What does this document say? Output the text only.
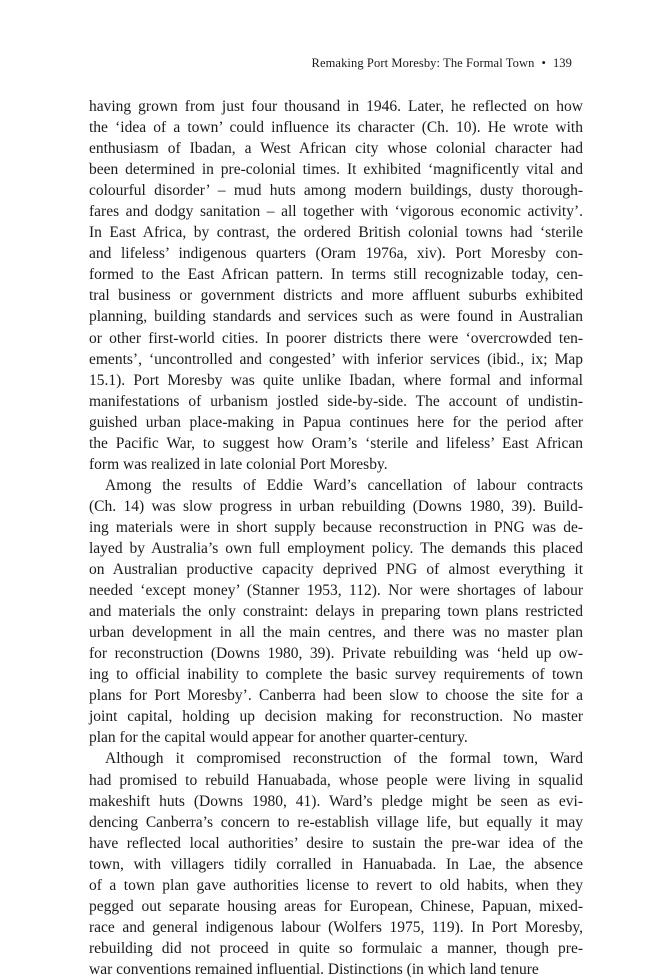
Remaking Port Moresby: The Formal Town • 139
having grown from just four thousand in 1946. Later, he reflected on how
the ‘idea of a town’ could influence its character (Ch. 10). He wrote with
enthusiasm of Ibadan, a West African city whose colonial character had
been determined in pre-colonial times. It exhibited ‘magnificently vital and
colourful disorder’ – mud huts among modern buildings, dusty thorough-
fares and dodgy sanitation – all together with ‘vigorous economic activity’.
In East Africa, by contrast, the ordered British colonial towns had ‘sterile
and lifeless’ indigenous quarters (Oram 1976a, xiv). Port Moresby con-
formed to the East African pattern. In terms still recognizable today, cen-
tral business or government districts and more affluent suburbs exhibited
planning, building standards and services such as were found in Australian
or other first-world cities. In poorer districts there were ‘overcrowded ten-
ements’, ‘uncontrolled and congested’ with inferior services (ibid., ix; Map
15.1). Port Moresby was quite unlike Ibadan, where formal and informal
manifestations of urbanism jostled side-by-side. The account of undistin-
guished urban place-making in Papua continues here for the period after
the Pacific War, to suggest how Oram’s ‘sterile and lifeless’ East African
form was realized in late colonial Port Moresby.
Among the results of Eddie Ward’s cancellation of labour contracts
(Ch. 14) was slow progress in urban rebuilding (Downs 1980, 39). Build-
ing materials were in short supply because reconstruction in PNG was de-
layed by Australia’s own full employment policy. The demands this placed
on Australian productive capacity deprived PNG of almost everything it
needed ‘except money’ (Stanner 1953, 112). Nor were shortages of labour
and materials the only constraint: delays in preparing town plans restricted
urban development in all the main centres, and there was no master plan
for reconstruction (Downs 1980, 39). Private rebuilding was ‘held up ow-
ing to official inability to complete the basic survey requirements of town
plans for Port Moresby’. Canberra had been slow to choose the site for a
joint capital, holding up decision making for reconstruction. No master
plan for the capital would appear for another quarter-century.
Although it compromised reconstruction of the formal town, Ward
had promised to rebuild Hanuabada, whose people were living in squalid
makeshift huts (Downs 1980, 41). Ward’s pledge might be seen as evi-
dencing Canberra’s concern to re-establish village life, but equally it may
have reflected local authorities’ desire to sustain the pre-war idea of the
town, with villagers tidily corralled in Hanuabada. In Lae, the absence
of a town plan gave authorities license to revert to old habits, when they
pegged out separate housing areas for European, Chinese, Papuan, mixed-
race and general indigenous labour (Wolfers 1975, 119). In Port Moresby,
rebuilding did not proceed in quite so formulaic a manner, though pre-
war conventions remained influential. Distinctions (in which land tenure
